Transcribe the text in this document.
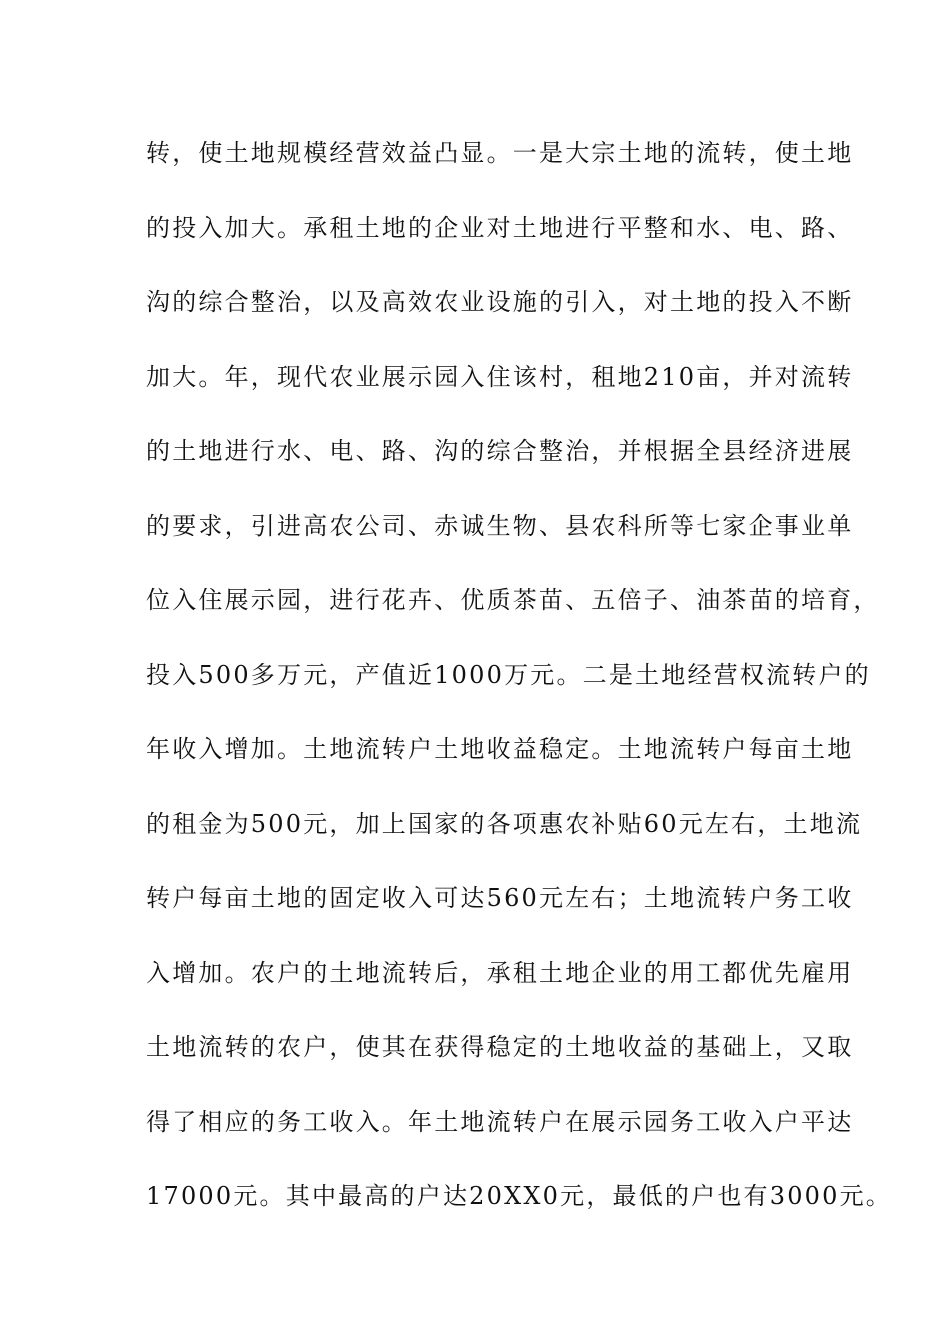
转，使土地规模经营效益凸显。一是大宗土地的流转，使土地
的投入加大。承租土地的企业对土地进行平整和水、电、路、
沟的综合整治，以及高效农业设施的引入，对土地的投入不断
加大。年，现代农业展示园入住该村，租地210亩，并对流转
的土地进行水、电、路、沟的综合整治，并根据全县经济进展
的要求，引进高农公司、赤诚生物、县农科所等七家企事业单
位入住展示园，进行花卉、优质茶苗、五倍子、油茶苗的培育，
投入500多万元，产值近1000万元。二是土地经营权流转户的
年收入增加。土地流转户土地收益稳定。土地流转户每亩土地
的租金为500元，加上国家的各项惠农补贴60元左右，土地流
转户每亩土地的固定收入可达560元左右；土地流转户务工收
入增加。农户的土地流转后，承租土地企业的用工都优先雇用
土地流转的农户，使其在获得稳定的土地收益的基础上，又取
得了相应的务工收入。年土地流转户在展示园务工收入户平达
17000元。其中最高的户达20XX0元，最低的户也有3000元。
